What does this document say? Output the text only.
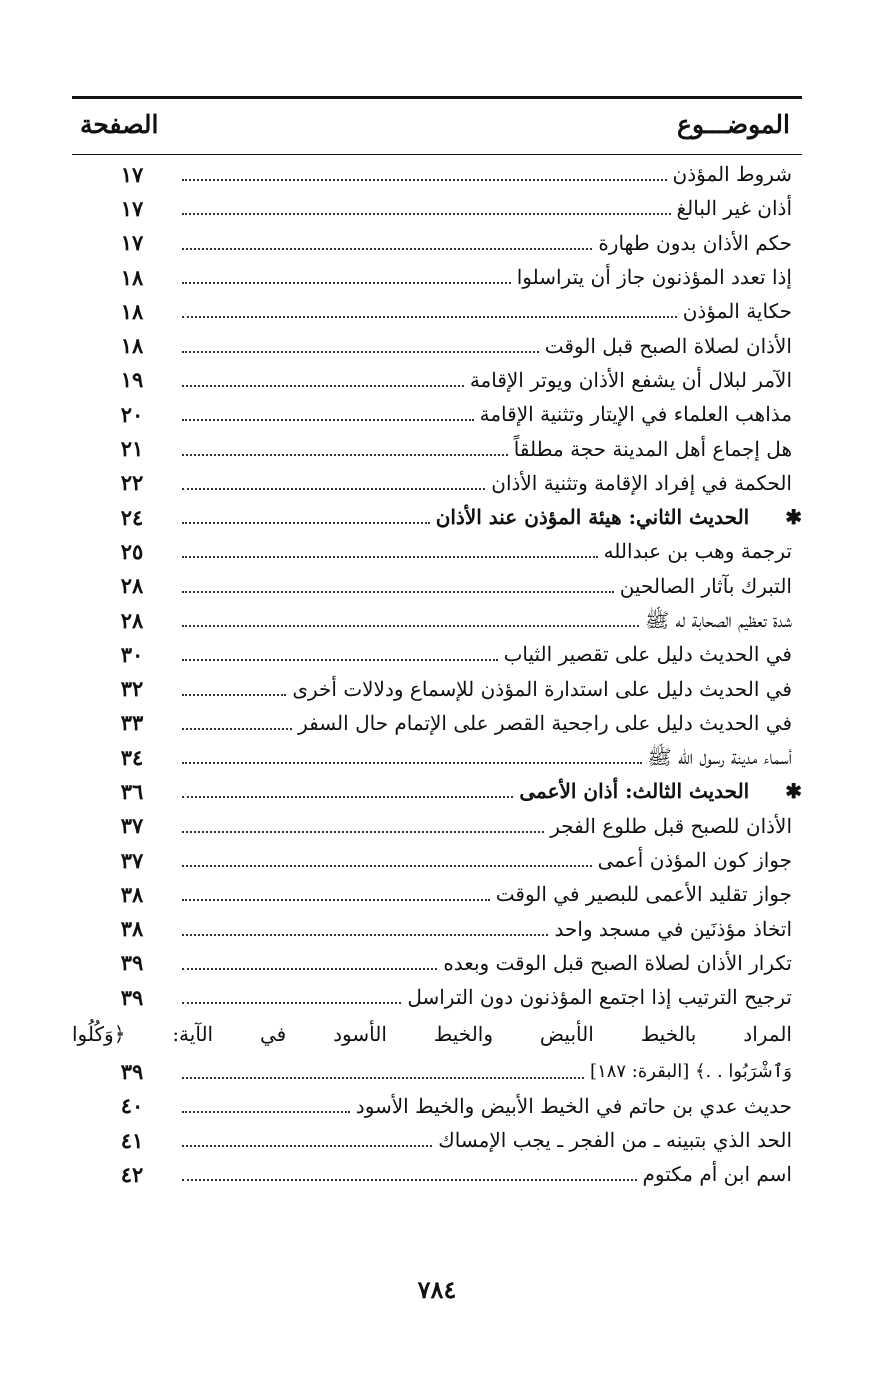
الموضـــوع
الصفحة
شروط المؤذن
١٧
أذان غير البالغ
١٧
حكم الأذان بدون طهارة
١٧
إذا تعدد المؤذنون جاز أن يتراسلوا
١٨
حكاية المؤذن
١٨
الأذان لصلاة الصبح قبل الوقت
١٨
الآمر لبلال أن يشفع الأذان ويوتر الإقامة
١٩
مذاهب العلماء في الإيتار وتثنية الإقامة
٢٠
هل إجماع أهل المدينة حجة مطلقاً
٢١
الحكمة في إفراد الإقامة وتثنية الأذان
٢٢
✱
الحديث الثاني: هيئة المؤذن عند الأذان
٢٤
ترجمة وهب بن عبدالله
٢٥
التبرك بآثار الصالحين
٢٨
شدة تعظيم الصحابة له ﷺ
٢٨
في الحديث دليل على تقصير الثياب
٣٠
في الحديث دليل على استدارة المؤذن للإسماع ودلالات أخرى
٣٢
في الحديث دليل على راجحية القصر على الإتمام حال السفر
٣٣
أسماء مدينة رسول الله ﷺ
٣٤
✱
الحديث الثالث: أذان الأعمى
٣٦
الأذان للصبح قبل طلوع الفجر
٣٧
جواز كون المؤذن أعمى
٣٧
جواز تقليد الأعمى للبصير في الوقت
٣٨
اتخاذ مؤذنَين في مسجد واحد
٣٨
تكرار الأذان لصلاة الصبح قبل الوقت وبعده
٣٩
ترجيح الترتيب إذا اجتمع المؤذنون دون التراسل
٣٩
المراد بالخيط الأبيض والخيط الأسود في الآية: ﴿وَكُلُوا
وَٱشْرَبُوا . .﴾ [البقرة: ١٨٧]
٣٩
حديث عدي بن حاتم في الخيط الأبيض والخيط الأسود
٤٠
الحد الذي بتبينه ـ من الفجر ـ يجب الإمساك
٤١
اسم ابن أم مكتوم
٤٢
٧٨٤
